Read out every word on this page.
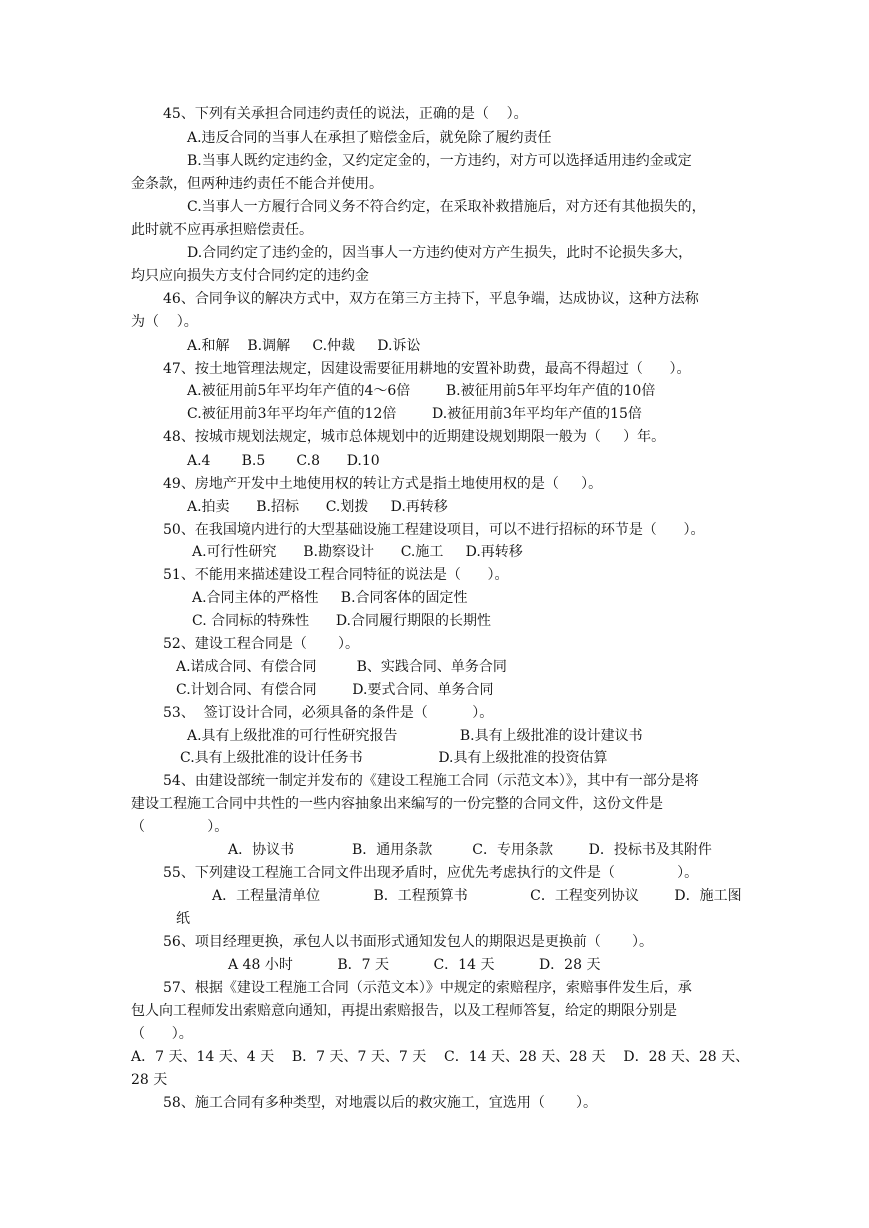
45、下列有关承担合同违约责任的说法，正确的是（    ）。
A.违反合同的当事人在承担了赔偿金后，就免除了履约责任
B.当事人既约定违约金，又约定定金的，一方违约，对方可以选择适用违约金或定
金条款，但两种违约责任不能合并使用。
C.当事人一方履行合同义务不符合约定，在采取补救措施后，对方还有其他损失的，
此时就不应再承担赔偿责任。
D.合同约定了违约金的，因当事人一方违约使对方产生损失，此时不论损失多大，
均只应向损失方支付合同约定的违约金
46、合同争议的解决方式中，双方在第三方主持下，平息争端，达成协议，这种方法称
为（    ）。
A.和解    B.调解     C.仲裁     D.诉讼
47、按土地管理法规定，因建设需要征用耕地的安置补助费，最高不得超过（      ）。
A.被征用前5年平均年产值的4～6倍        B.被征用前5年平均年产值的10倍
C.被征用前3年平均年产值的12倍        D.被征用前3年平均年产值的15倍
48、按城市规划法规定，城市总体规划中的近期建设规划期限一般为（     ）年。
A.4       B.5       C.8      D.10
49、房地产开发中土地使用权的转让方式是指土地使用权的是（     ）。
A.拍卖      B.招标      C.划拨     D.再转移
50、在我国境内进行的大型基础设施工程建设项目，可以不进行招标的环节是（      ）。
A.可行性研究      B.勘察设计      C.施工     D.再转移
51、不能用来描述建设工程合同特征的说法是（      ）。
A.合同主体的严格性     B.合同客体的固定性
C. 合同标的特殊性      D.合同履行期限的长期性
52、建设工程合同是（       ）。
A.诺成合同、有偿合同         B、实践合同、单务合同
C.计划合同、有偿合同        D.要式合同、单务合同
53、  签订设计合同，必须具备的条件是（          ）。
A.具有上级批准的可行性研究报告              B.具有上级批准的设计建议书
C.具有上级批准的设计任务书                 D.具有上级批准的投资估算
54、由建设部统一制定并发布的《建设工程施工合同（示范文本）》，其中有一部分是将
建设工程施工合同中共性的一些内容抽象出来编写的一份完整的合同文件，这份文件是
（              ）。
A．协议书             B．通用条款         C．专用条款        D．投标书及其附件
55、下列建设工程施工合同文件出现矛盾时，应优先考虑执行的文件是（              ）。
A．工程量清单位            B．工程预算书              C．工程变列协议        D．施工图
纸
56、项目经理更换，承包人以书面形式通知发包人的期限迟是更换前（       ）。
A 48 小时          B．7 天          C．14 天          D．28 天
57、根据《建设工程施工合同（示范文本）》中规定的索赔程序，索赔事件发生后，承
包人向工程师发出索赔意向通知，再提出索赔报告，以及工程师答复，给定的期限分别是
（      ）。
A．7 天、14 天、4 天    B．7 天、7 天、7 天    C．14 天、28 天、28 天    D．28 天、28 天、
28 天
58、施工合同有多种类型，对地震以后的救灾施工，宜选用（       ）。
